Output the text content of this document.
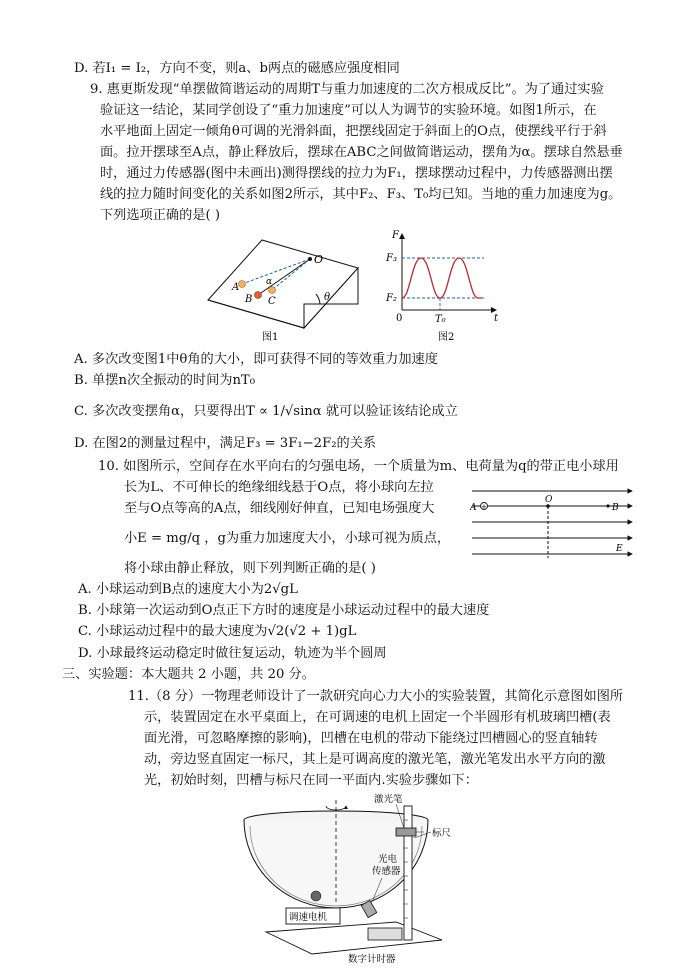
D. 若I₁ = I₂，方向不变，则a、b两点的磁感应强度相同
9. 惠更斯发现“单摆做简谐运动的周期T与重力加速度的二次方根成反比”。为了通过实验
验证这一结论，某同学创设了“重力加速度”可以人为调节的实验环境。如图1所示，在
水平地面上固定一倾角θ可调的光滑斜面，把摆线固定于斜面上的O点，使摆线平行于斜
面。拉开摆球至A点，静止释放后，摆球在ABC之间做简谐运动，摆角为α。摆球自然悬垂
时，通过力传感器(图中未画出)测得摆线的拉力为F₁，摆球摆动过程中，力传感器测出摆
线的拉力随时间变化的关系如图2所示，其中F₂、F₃、T₀均已知。当地的重力加速度为g。
下列选项正确的是( )
O
A
B C
α
θ
图1
F
F₃
F₂
0	T₀	t
图2
A. 多次改变图1中θ角的大小，即可获得不同的等效重力加速度
B. 单摆n次全振动的时间为nT₀
C. 多次改变摆角α，只要得出T ∝ 1/√sinα 就可以验证该结论成立
D. 在图2的测量过程中，满足F₃ = 3F₁−2F₂的关系
10. 如图所示，空间存在水平向右的匀强电场，一个质量为m、电荷量为q的带正电小球用
长为L、不可伸长的绝缘细线悬于O点，将小球向左拉
至与O点等高的A点，细线刚好伸直，已知电场强度大
小E = mg/q ，g为重力加速度大小，小球可视为质点，
将小球由静止释放，则下列判断正确的是( )
+
A
O
B
E
A. 小球运动到B点的速度大小为2√gL
B. 小球第一次运动到O点正下方时的速度是小球运动过程中的最大速度
C. 小球运动过程中的最大速度为√2(√2 + 1)gL
D. 小球最终运动稳定时做往复运动，轨迹为半个圆周
三、实验题：本大题共 2 小题，共 20 分。
11.（8 分）一物理老师设计了一款研究向心力大小的实验装置，其简化示意图如图所
示，装置固定在水平桌面上，在可调速的电机上固定一个半圆形有机玻璃凹槽(表
面光滑，可忽略摩擦的影响)，凹槽在电机的带动下能绕过凹槽圆心的竖直轴转
动，旁边竖直固定一标尺，其上是可调高度的激光笔，激光笔发出水平方向的激
光，初始时刻，凹槽与标尺在同一平面内.实验步骤如下：
调速电机
激光笔
标尺
光电
传感器
数字计时器
